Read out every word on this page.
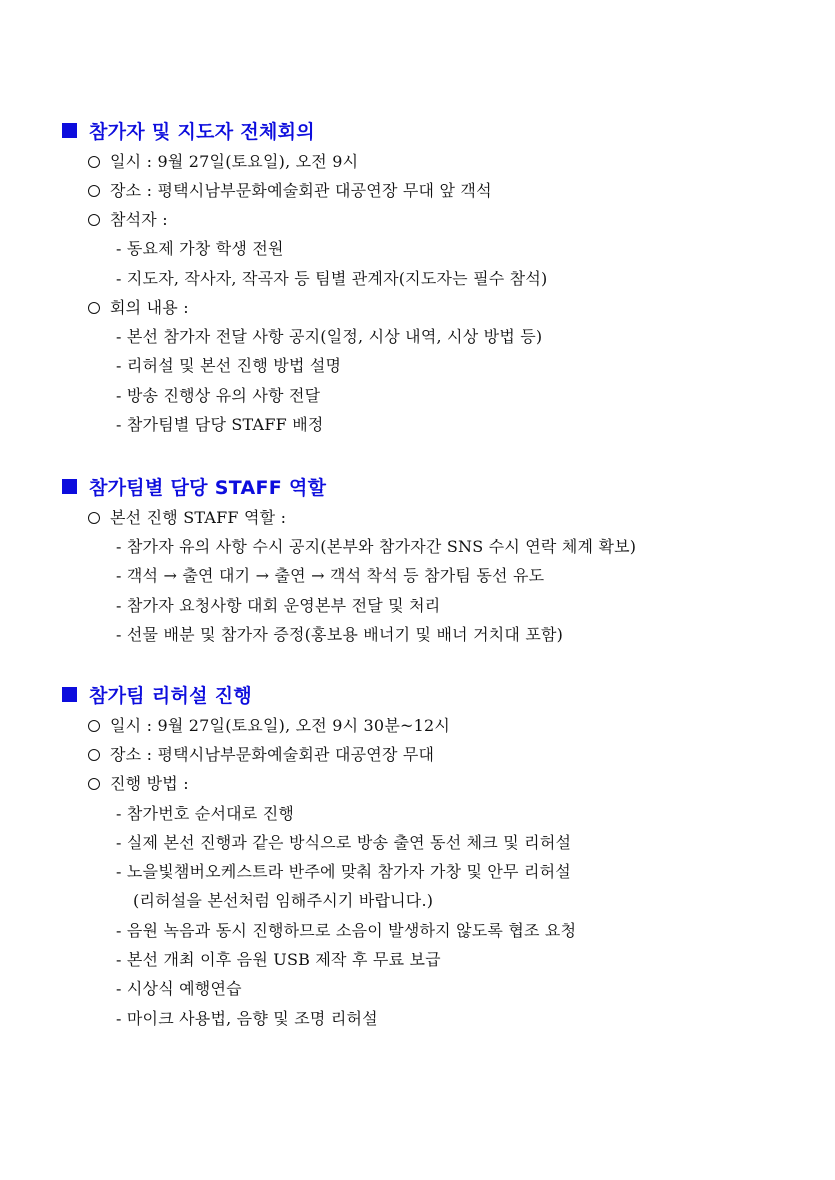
참가자 및 지도자 전체회의
일시 : 9월 27일(토요일), 오전 9시
장소 : 평택시남부문화예술회관 대공연장 무대 앞 객석
참석자 :
- 동요제 가창 학생 전원
- 지도자, 작사자, 작곡자 등 팀별 관계자(지도자는 필수 참석)
회의 내용 :
- 본선 참가자 전달 사항 공지(일정, 시상 내역, 시상 방법 등)
- 리허설 및 본선 진행 방법 설명
- 방송 진행상 유의 사항 전달
- 참가팀별 담당 STAFF 배정
참가팀별 담당 STAFF 역할
본선 진행 STAFF 역할 :
- 참가자 유의 사항 수시 공지(본부와 참가자간 SNS 수시 연락 체계 확보)
- 객석 → 출연 대기 → 출연 → 객석 착석 등 참가팀 동선 유도
- 참가자 요청사항 대회 운영본부 전달 및 처리
- 선물 배분 및 참가자 증정(홍보용 배너기 및 배너 거치대 포함)
참가팀 리허설 진행
일시 : 9월 27일(토요일), 오전 9시 30분~12시
장소 : 평택시남부문화예술회관 대공연장 무대
진행 방법 :
- 참가번호 순서대로 진행
- 실제 본선 진행과 같은 방식으로 방송 출연 동선 체크 및 리허설
- 노을빛챔버오케스트라 반주에 맞춰 참가자 가창 및 안무 리허설
(리허설을 본선처럼 임해주시기 바랍니다.)
- 음원 녹음과 동시 진행하므로 소음이 발생하지 않도록 협조 요청
- 본선 개최 이후 음원 USB 제작 후 무료 보급
- 시상식 예행연습
- 마이크 사용법, 음향 및 조명 리허설
